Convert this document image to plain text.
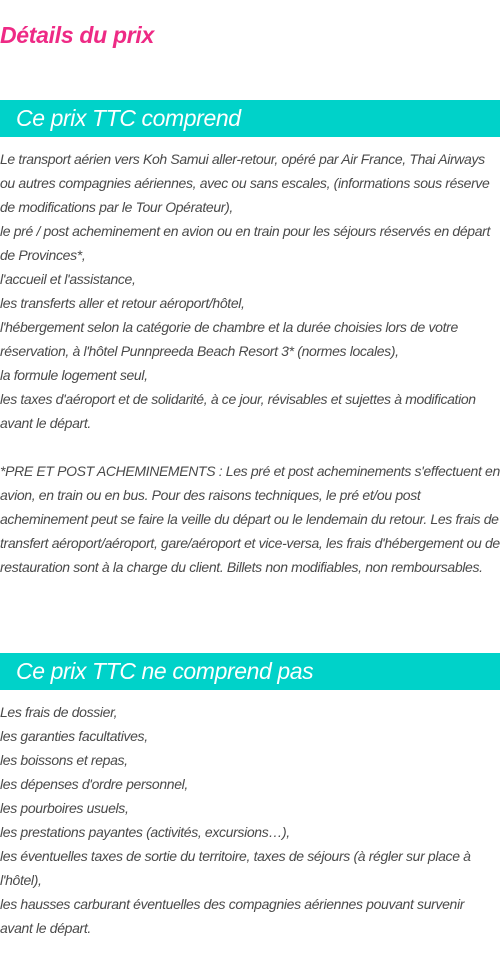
Détails du prix
Ce prix TTC comprend

Le transport aérien vers Koh Samui aller-retour, opéré par Air France, Thai Airways ou autres compagnies aériennes, avec ou sans escales, (informations sous réserve de modifications par le Tour Opérateur),

le pré / post acheminement en avion ou en train pour les séjours réservés en départ de Provinces*,

l'accueil et l'assistance,

les transferts aller et retour aéroport/hôtel,

l'hébergement selon la catégorie de chambre et la durée choisies lors de votre réservation, à l'hôtel Punnpreeda Beach Resort 3* (normes locales),

la formule logement seul,

les taxes d'aéroport et de solidarité, à ce jour, révisables et sujettes à modification avant le départ.

*PRE ET POST ACHEMINEMENTS : Les pré et post acheminements s'effectuent en avion, en train ou en bus. Pour des raisons techniques, le pré et/ou post acheminement peut se faire la veille du départ ou le lendemain du retour. Les frais de transfert aéroport/aéroport, gare/aéroport et vice-versa, les frais d'hébergement ou de restauration sont à la charge du client. Billets non modifiables, non remboursables.

Ce prix TTC ne comprend pas

Les frais de dossier,

les garanties facultatives,

les boissons et repas,

les dépenses d'ordre personnel,

les pourboires usuels,

les prestations payantes (activités, excursions…),

les éventuelles taxes de sortie du territoire, taxes de séjours (à régler sur place à l'hôtel),

les hausses carburant éventuelles des compagnies aériennes pouvant survenir avant le départ.
